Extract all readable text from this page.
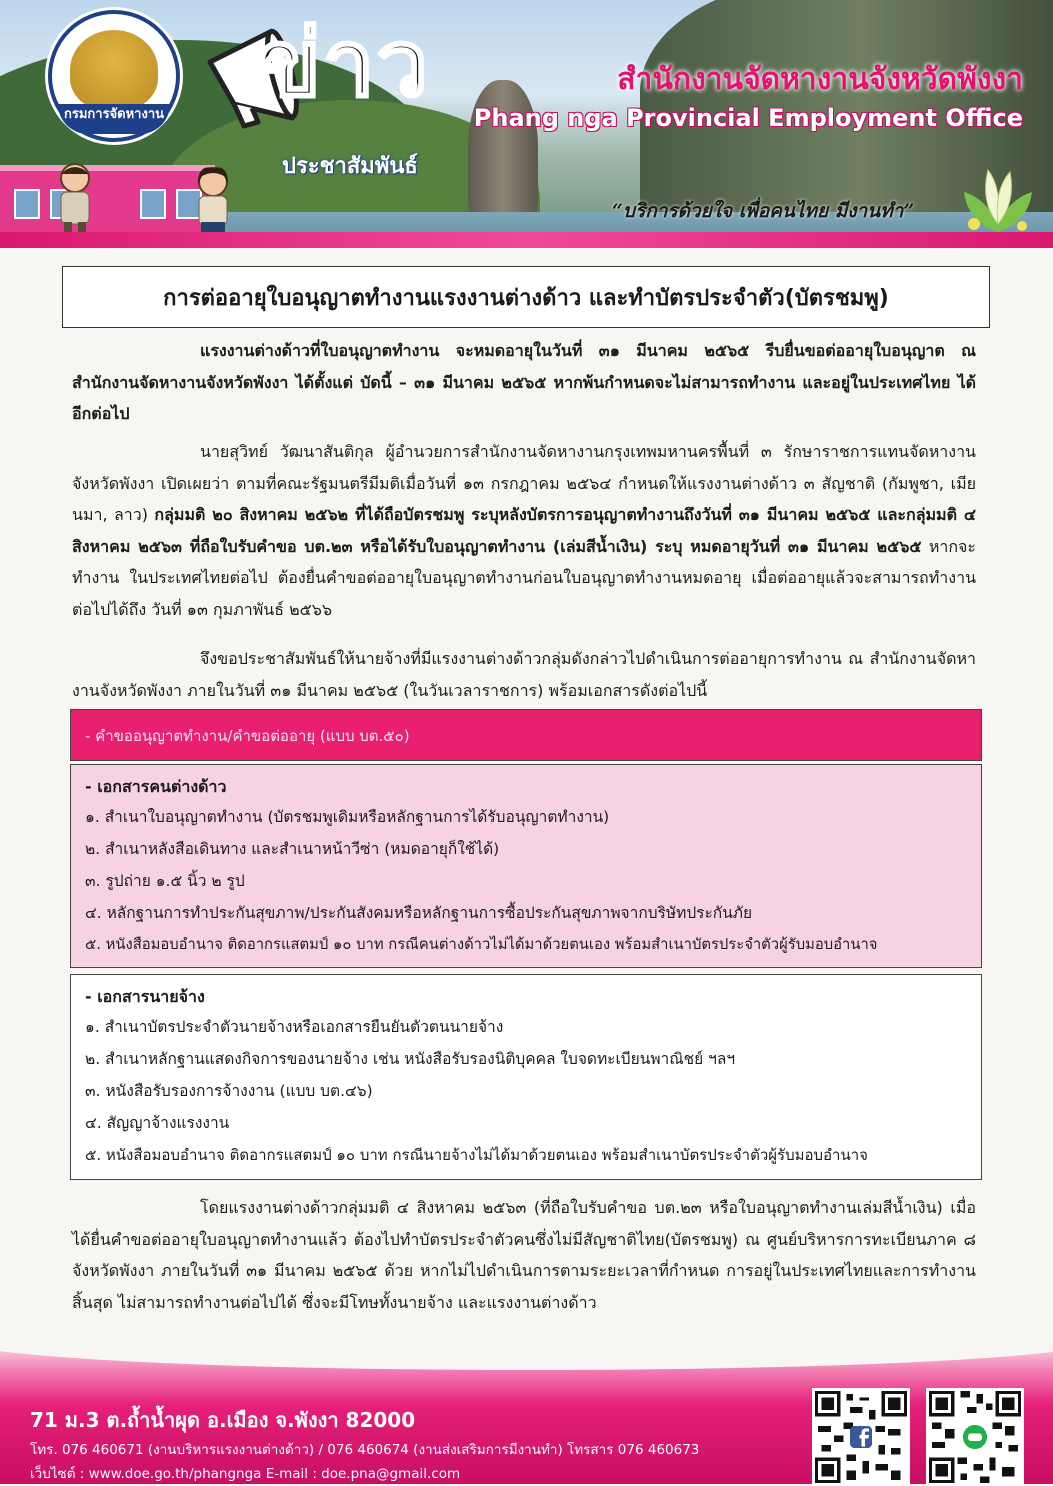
กรมการจัดหางาน ข่าว
ประชาสัมพันธ์
สำนักงานจัดหางานจังหวัดพังงา
Phang nga Provincial Employment Office
“บริการด้วยใจ เพื่อคนไทย มีงานทำ”
การต่ออายุใบอนุญาตทำงานแรงงานต่างด้าว และทำบัตรประจำตัว(บัตรชมพู)
แรงงานต่างด้าวที่ใบอนุญาตทำงาน จะหมดอายุในวันที่ ๓๑ มีนาคม ๒๕๖๕ รีบยื่นขอต่ออายุใบอนุญาต ณ สำนักงานจัดหางานจังหวัดพังงา ได้ตั้งแต่ บัดนี้ – ๓๑ มีนาคม ๒๕๖๕ หากพ้นกำหนดจะไม่สามารถทำงาน และอยู่ในประเทศไทย ได้อีกต่อไป
นายสุวิทย์ วัฒนาสันติกุล ผู้อำนวยการสำนักงานจัดหางานกรุงเทพมหานครพื้นที่ ๓ รักษาราชการแทนจัดหางานจังหวัดพังงา เปิดเผยว่า ตามที่คณะรัฐมนตรีมีมติเมื่อวันที่ ๑๓ กรกฎาคม ๒๕๖๔ กำหนดให้แรงงานต่างด้าว ๓ สัญชาติ (กัมพูชา, เมียนมา, ลาว) กลุ่มมติ ๒๐ สิงหาคม ๒๕๖๒ ที่ได้ถือบัตรชมพู ระบุหลังบัตรการอนุญาตทำงานถึงวันที่ ๓๑ มีนาคม ๒๕๖๕ และกลุ่มมติ ๔ สิงหาคม ๒๕๖๓ ที่ถือใบรับคำขอ บต.๒๓ หรือได้รับใบอนุญาตทำงาน (เล่มสีน้ำเงิน) ระบุ หมดอายุวันที่ ๓๑ มีนาคม ๒๕๖๕ หากจะทำงาน ในประเทศไทยต่อไป ต้องยื่นคำขอต่ออายุใบอนุญาตทำงานก่อนใบอนุญาตทำงานหมดอายุ เมื่อต่ออายุแล้วจะสามารถทำงานต่อไปได้ถึง วันที่ ๑๓ กุมภาพันธ์ ๒๕๖๖
จึงขอประชาสัมพันธ์ให้นายจ้างที่มีแรงงานต่างด้าวกลุ่มดังกล่าวไปดำเนินการต่ออายุการทำงาน ณ สำนักงานจัดหางานจังหวัดพังงา ภายในวันที่ ๓๑ มีนาคม ๒๕๖๕ (ในวันเวลาราชการ) พร้อมเอกสารดังต่อไปนี้
- คำขออนุญาตทำงาน/คำขอต่ออายุ (แบบ บต.๕๐)
- เอกสารคนต่างด้าว
๑. สำเนาใบอนุญาตทำงาน (บัตรชมพูเดิมหรือหลักฐานการได้รับอนุญาตทำงาน)
๒. สำเนาหลังสือเดินทาง และสำเนาหน้าวีซ่า (หมดอายุก็ใช้ได้)
๓. รูปถ่าย ๑.๕ นิ้ว ๒ รูป
๔. หลักฐานการทำประกันสุขภาพ/ประกันสังคมหรือหลักฐานการซื้อประกันสุขภาพจากบริษัทประกันภัย
๕. หนังสือมอบอำนาจ ติดอากรแสตมป์ ๑๐ บาท กรณีคนต่างด้าวไม่ได้มาด้วยตนเอง พร้อมสำเนาบัตรประจำตัวผู้รับมอบอำนาจ
- เอกสารนายจ้าง
๑. สำเนาบัตรประจำตัวนายจ้างหรือเอกสารยืนยันตัวตนนายจ้าง
๒. สำเนาหลักฐานแสดงกิจการของนายจ้าง เช่น หนังสือรับรองนิติบุคคล ใบจดทะเบียนพาณิชย์ ฯลฯ
๓. หนังสือรับรองการจ้างงาน (แบบ บต.๔๖)
๔. สัญญาจ้างแรงงาน
๕. หนังสือมอบอำนาจ ติดอากรแสตมป์ ๑๐ บาท กรณีนายจ้างไม่ได้มาด้วยตนเอง พร้อมสำเนาบัตรประจำตัวผู้รับมอบอำนาจ
โดยแรงงานต่างด้าวกลุ่มมติ ๔ สิงหาคม ๒๕๖๓ (ที่ถือใบรับคำขอ บต.๒๓ หรือใบอนุญาตทำงานเล่มสีน้ำเงิน) เมื่อได้ยื่นคำขอต่ออายุใบอนุญาตทำงานแล้ว ต้องไปทำบัตรประจำตัวคนซึ่งไม่มีสัญชาติไทย(บัตรชมพู) ณ ศูนย์บริหารการทะเบียนภาค ๘ จังหวัดพังงา ภายในวันที่ ๓๑ มีนาคม ๒๕๖๕ ด้วย หากไม่ไปดำเนินการตามระยะเวลาที่กำหนด การอยู่ในประเทศไทยและการทำงานสิ้นสุด ไม่สามารถทำงานต่อไปได้ ซึ่งจะมีโทษทั้งนายจ้าง และแรงงานต่างด้าว
71 ม.3 ต.ถ้ำน้ำผุด อ.เมือง จ.พังงา 82000
โทร. 076 460671 (งานบริหารแรงงานต่างด้าว) / 076 460674 (งานส่งเสริมการมีงานทำ) โทรสาร 076 460673
เว็บไซต์ : www.doe.go.th/phangnga E-mail : doe.pna@gmail.com
